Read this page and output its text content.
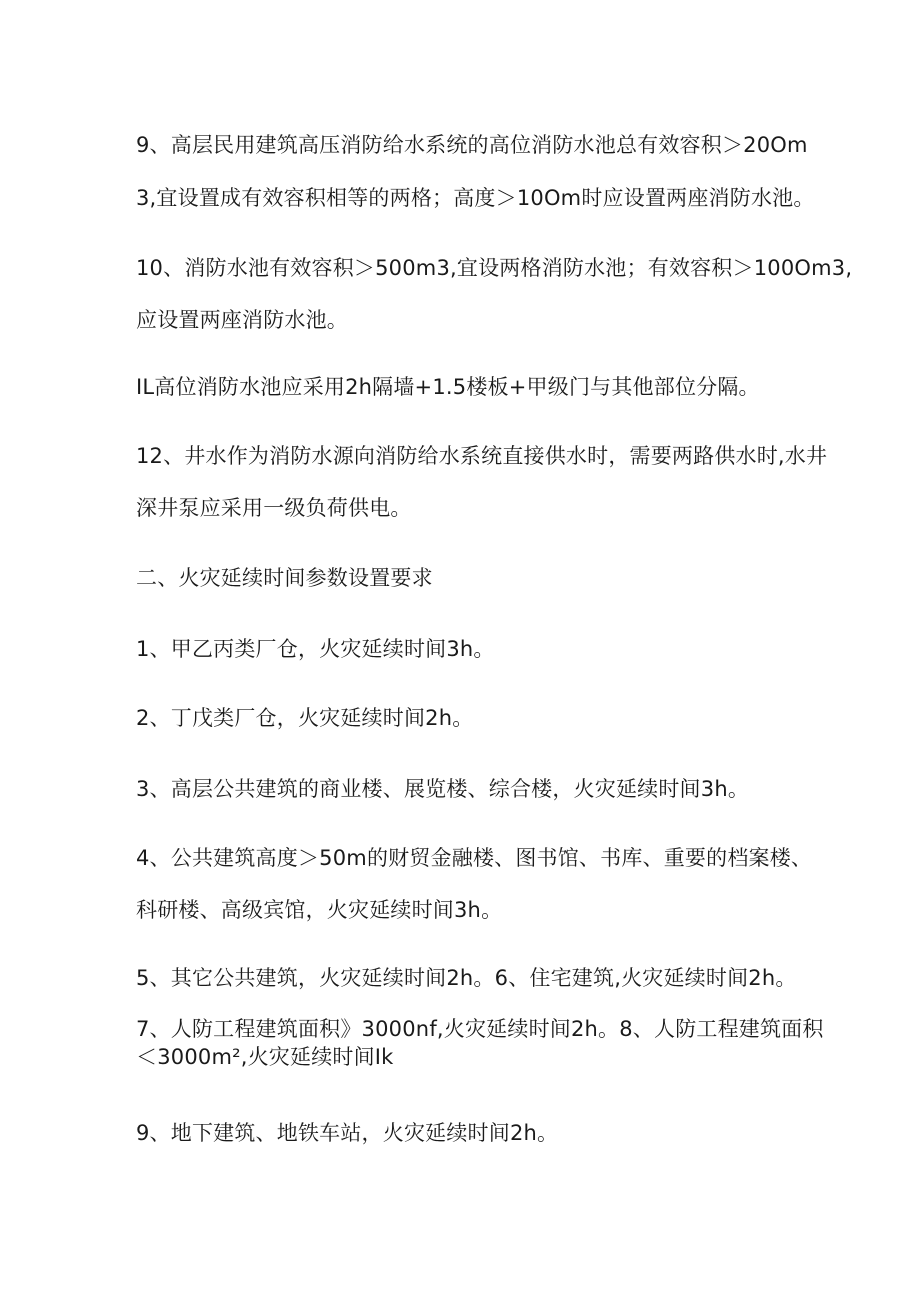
9、高层民用建筑高压消防给水系统的高位消防水池总有效容积＞20Om
3,宜设置成有效容积相等的两格；高度＞10Om时应设置两座消防水池。
10、消防水池有效容积＞500m3,宜设两格消防水池；有效容积＞100Om3,
应设置两座消防水池。
IL高位消防水池应采用2h隔墙+1.5楼板+甲级门与其他部位分隔。
12、井水作为消防水源向消防给水系统直接供水时，需要两路供水时,水井
深井泵应采用一级负荷供电。
二、火灾延续时间参数设置要求
1、甲乙丙类厂仓，火灾延续时间3h。
2、丁戊类厂仓，火灾延续时间2h。
3、高层公共建筑的商业楼、展览楼、综合楼，火灾延续时间3h。
4、公共建筑高度＞50m的财贸金融楼、图书馆、书库、重要的档案楼、
科研楼、高级宾馆，火灾延续时间3h。
5、其它公共建筑，火灾延续时间2h。6、住宅建筑,火灾延续时间2h。
7、人防工程建筑面积》3000nf,火灾延续时间2h。8、人防工程建筑面积
＜3000m²,火灾延续时间Ik
9、地下建筑、地铁车站，火灾延续时间2h。
